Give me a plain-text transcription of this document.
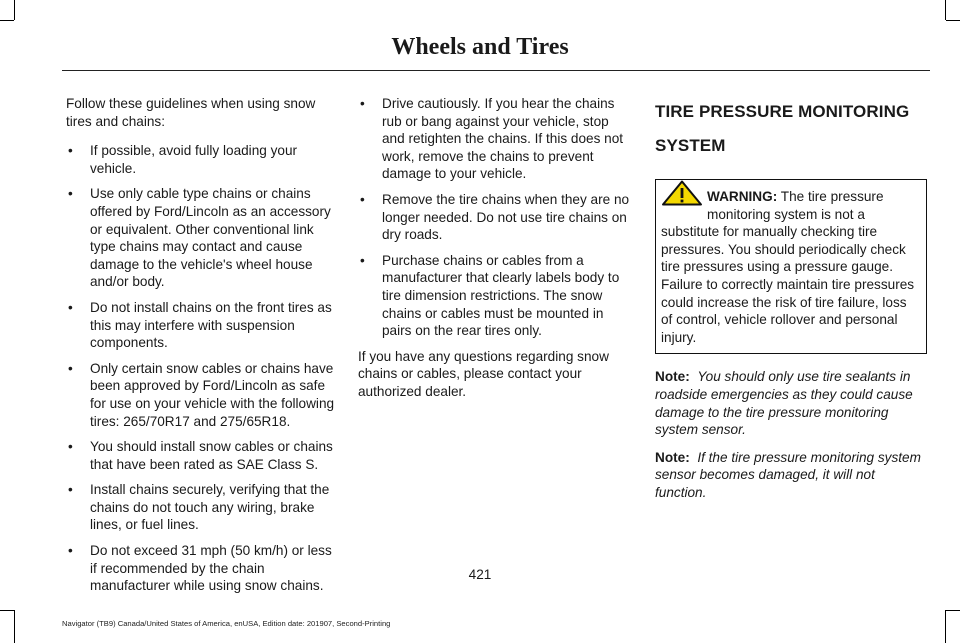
Wheels and Tires

Follow these guidelines when using snow tires and chains:

• If possible, avoid fully loading your vehicle.
• Use only cable type chains or chains offered by Ford/Lincoln as an accessory or equivalent. Other conventional link type chains may contact and cause damage to the vehicle's wheel house and/or body.
• Do not install chains on the front tires as this may interfere with suspension components.
• Only certain snow cables or chains have been approved by Ford/Lincoln as safe for use on your vehicle with the following tires: 265/70R17 and 275/65R18.
• You should install snow cables or chains that have been rated as SAE Class S.
• Install chains securely, verifying that the chains do not touch any wiring, brake lines, or fuel lines.
• Do not exceed 31 mph (50 km/h) or less if recommended by the chain manufacturer while using snow chains.
• Drive cautiously. If you hear the chains rub or bang against your vehicle, stop and retighten the chains. If this does not work, remove the chains to prevent damage to your vehicle.
• Remove the tire chains when they are no longer needed. Do not use tire chains on dry roads.
• Purchase chains or cables from a manufacturer that clearly labels body to tire dimension restrictions. The snow chains or cables must be mounted in pairs on the rear tires only.

If you have any questions regarding snow chains or cables, please contact your authorized dealer.

TIRE PRESSURE MONITORING
SYSTEM
WARNING: The tire pressure monitoring system is not a substitute for manually checking tire pressures. You should periodically check tire pressures using a pressure gauge. Failure to correctly maintain tire pressures could increase the risk of tire failure, loss of control, vehicle rollover and personal injury.

Note: You should only use tire sealants in roadside emergencies as they could cause damage to the tire pressure monitoring system sensor.

Note: If the tire pressure monitoring system sensor becomes damaged, it will not function.

421
Navigator (TB9) Canada/United States of America, enUSA, Edition date: 201907, Second-Printing
